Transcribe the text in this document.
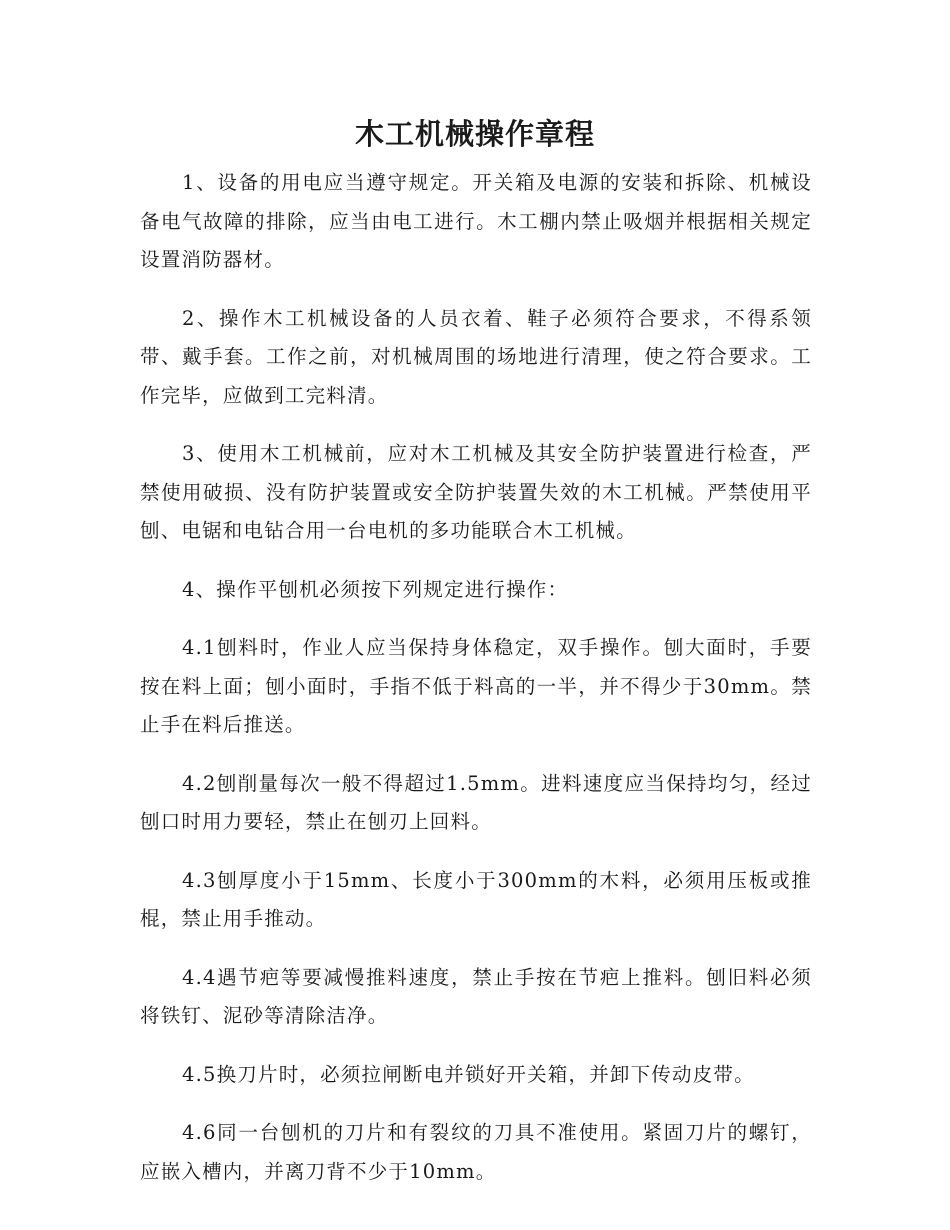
木工机械操作章程

1、设备的用电应当遵守规定。开关箱及电源的安装和拆除、机械设备电气故障的排除，应当由电工进行。木工棚内禁止吸烟并根据相关规定设置消防器材。

2、操作木工机械设备的人员衣着、鞋子必须符合要求，不得系领带、戴手套。工作之前，对机械周围的场地进行清理，使之符合要求。工作完毕，应做到工完料清。

3、使用木工机械前，应对木工机械及其安全防护装置进行检查，严禁使用破损、没有防护装置或安全防护装置失效的木工机械。严禁使用平刨、电锯和电钻合用一台电机的多功能联合木工机械。

4、操作平刨机必须按下列规定进行操作：

4.1刨料时，作业人应当保持身体稳定，双手操作。刨大面时，手要按在料上面；刨小面时，手指不低于料高的一半，并不得少于30mm。禁止手在料后推送。

4.2刨削量每次一般不得超过1.5mm。进料速度应当保持均匀，经过刨口时用力要轻，禁止在刨刃上回料。

4.3刨厚度小于15mm、长度小于300mm的木料，必须用压板或推棍，禁止用手推动。

4.4遇节疤等要减慢推料速度，禁止手按在节疤上推料。刨旧料必须将铁钉、泥砂等清除洁净。

4.5换刀片时，必须拉闸断电并锁好开关箱，并卸下传动皮带。

4.6同一台刨机的刀片和有裂纹的刀具不准使用。紧固刀片的螺钉，应嵌入槽内，并离刀背不少于10mm。
